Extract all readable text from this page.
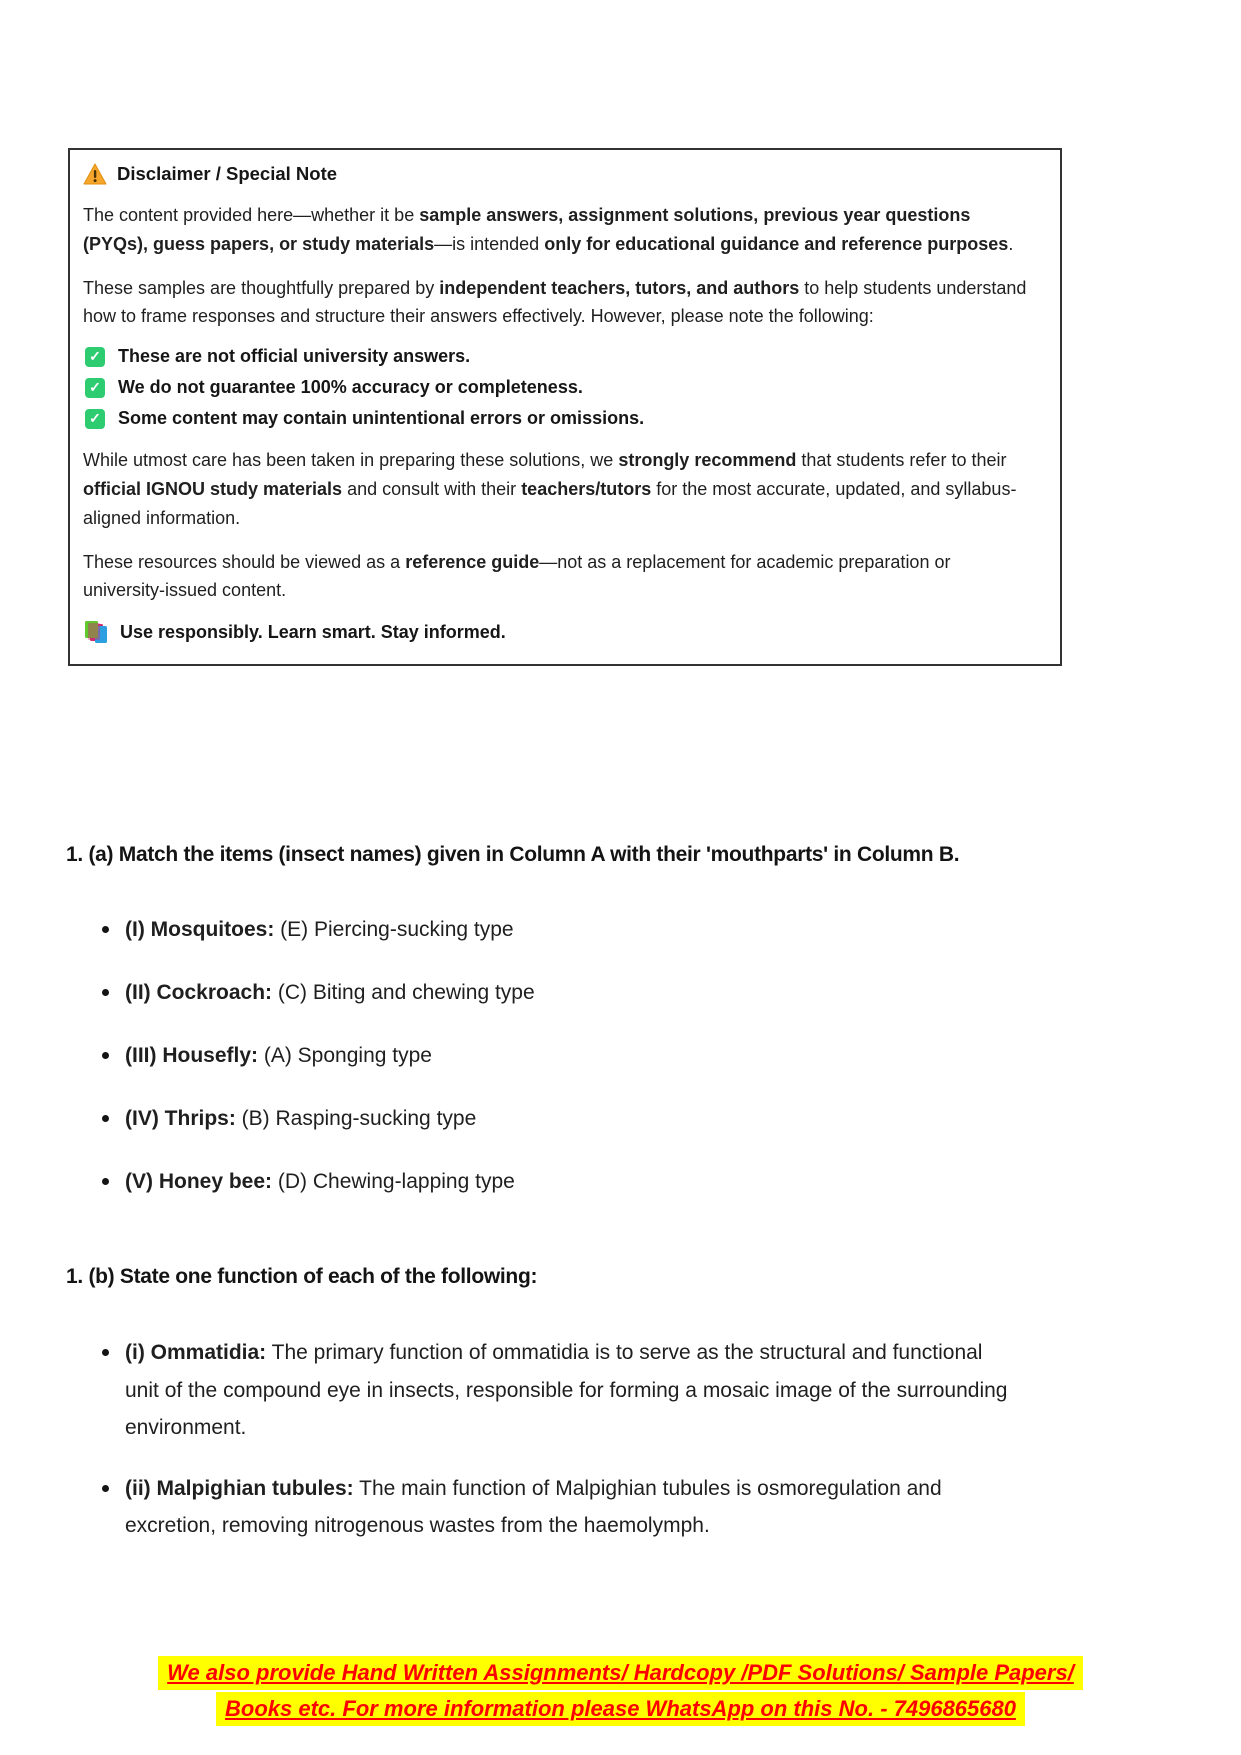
Disclaimer / Special Note

The content provided here—whether it be sample answers, assignment solutions, previous year questions (PYQs), guess papers, or study materials—is intended only for educational guidance and reference purposes.

These samples are thoughtfully prepared by independent teachers, tutors, and authors to help students understand how to frame responses and structure their answers effectively. However, please note the following:

✓ These are not official university answers.
✓ We do not guarantee 100% accuracy or completeness.
✓ Some content may contain unintentional errors or omissions.

While utmost care has been taken in preparing these solutions, we strongly recommend that students refer to their official IGNOU study materials and consult with their teachers/tutors for the most accurate, updated, and syllabus-aligned information.

These resources should be viewed as a reference guide—not as a replacement for academic preparation or university-issued content.

Use responsibly. Learn smart. Stay informed.
1. (a) Match the items (insect names) given in Column A with their 'mouthparts' in Column B.
(I) Mosquitoes: (E) Piercing-sucking type
(II) Cockroach: (C) Biting and chewing type
(III) Housefly: (A) Sponging type
(IV) Thrips: (B) Rasping-sucking type
(V) Honey bee: (D) Chewing-lapping type
1. (b) State one function of each of the following:
(i) Ommatidia: The primary function of ommatidia is to serve as the structural and functional unit of the compound eye in insects, responsible for forming a mosaic image of the surrounding environment.
(ii) Malpighian tubules: The main function of Malpighian tubules is osmoregulation and excretion, removing nitrogenous wastes from the haemolymph.
We also provide Hand Written Assignments/ Hardcopy /PDF Solutions/ Sample Papers/
Books etc. For more information please WhatsApp on this No. - 7496865680
